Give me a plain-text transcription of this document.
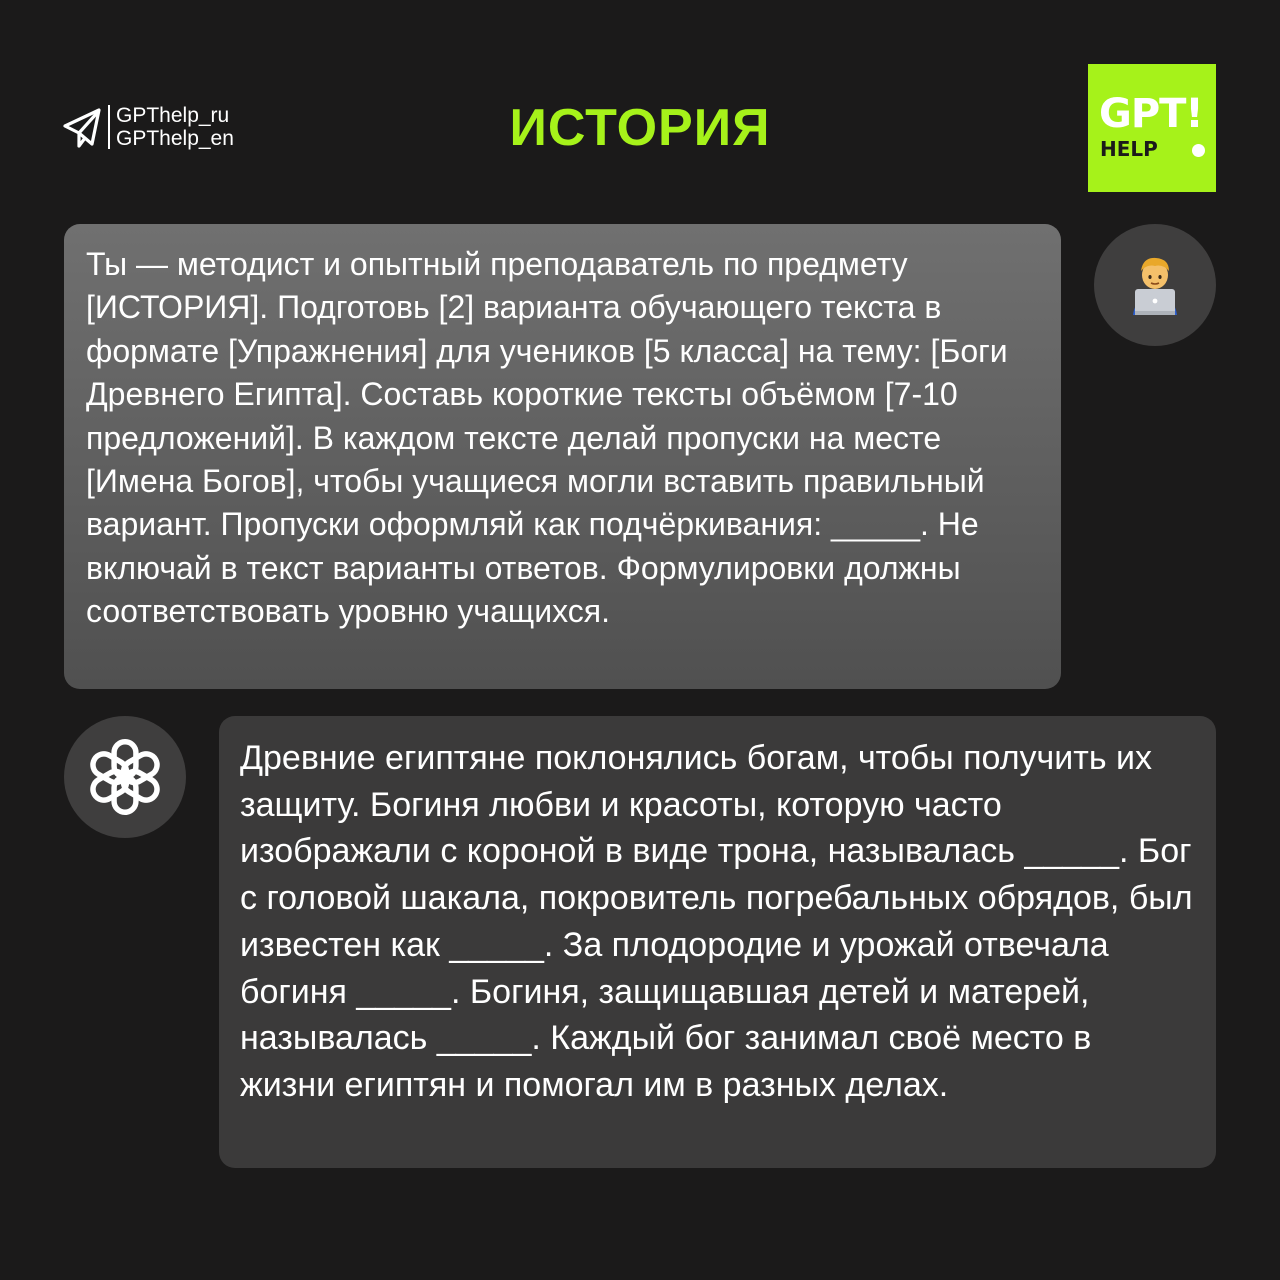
GPThelp_ru
GPThelp_en	ИСТОРИЯ	GPT!
HELP

Ты — методист и опытный преподаватель по предмету [ИСТОРИЯ]. Подготовь [2] варианта обучающего текста в формате [Упражнения] для учеников [5 класса] на тему: [Боги Древнего Египта]. Составь короткие тексты объёмом [7-10 предложений]. В каждом тексте делай пропуски на месте [Имена Богов], чтобы учащиеся могли вставить правильный вариант. Пропуски оформляй как подчёркивания: _____. Не включай в текст варианты ответов. Формулировки должны соответствовать уровню учащихся.

Древние египтяне поклонялись богам, чтобы получить их защиту. Богиня любви и красоты, которую часто изображали с короной в виде трона, называлась _____. Бог с головой шакала, покровитель погребальных обрядов, был известен как _____. За плодородие и урожай отвечала богиня _____. Богиня, защищавшая детей и матерей, называлась _____. Каждый бог занимал своё место в жизни египтян и помогал им в разных делах.
